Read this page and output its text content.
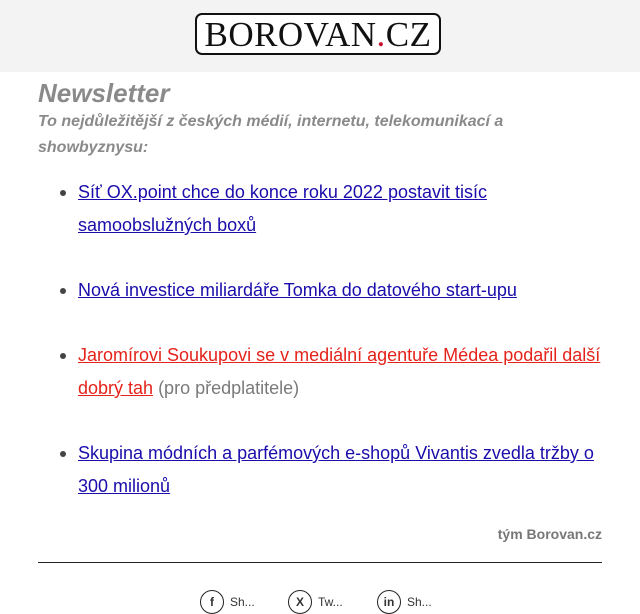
BOROVAN . CZ
Newsletter
To nejdůležitější z českých médií, internetu, telekomunikací a showbyznysu:
Síť OX.point chce do konce roku 2022 postavit tisíc samoobslužných boxů
Nová investice miliardáře Tomka do datového start-upu
Jaromírovi Soukupovi se v mediální agentuře Médea podařil další dobrý tah (pro předplatitele)
Skupina módních a parfémových e-shopů Vivantis zvedla tržby o 300 milionů
tým Borovan.cz
f	Sh...	X	Tw...	in	Sh...
